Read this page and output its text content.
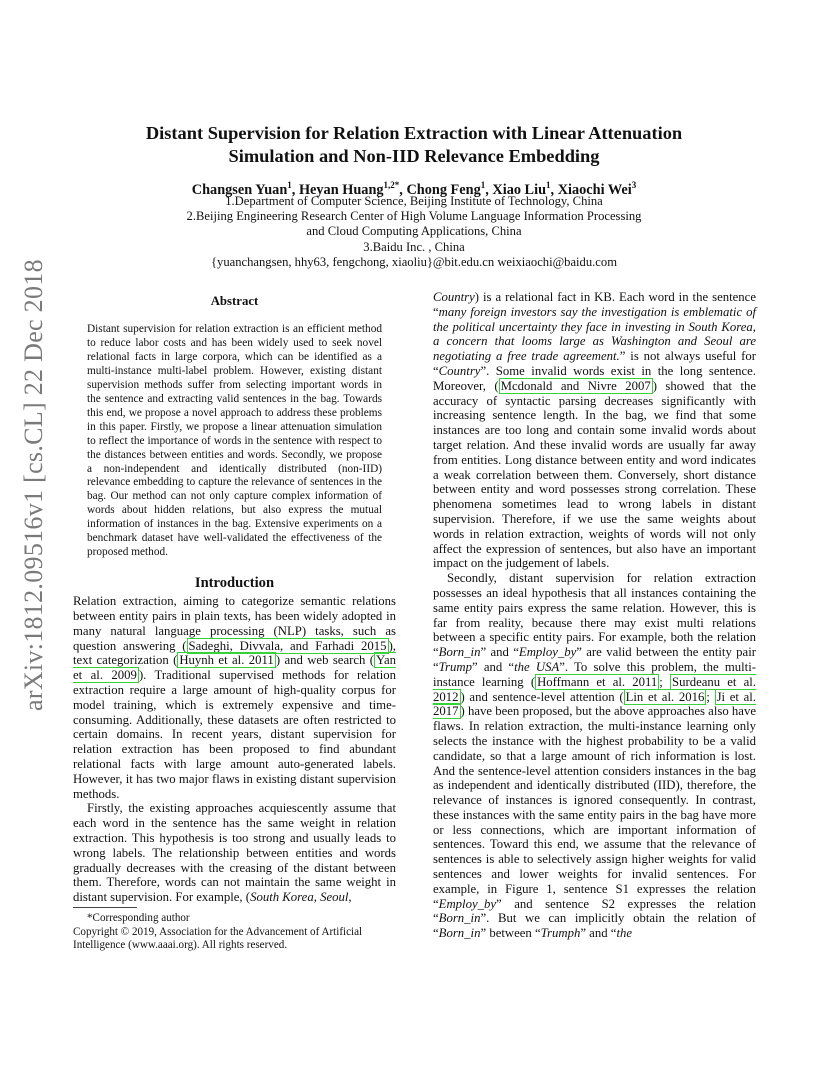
arXiv:1812.09516v1 [cs.CL] 22 Dec 2018
Distant Supervision for Relation Extraction with Linear Attenuation
Simulation and Non-IID Relevance Embedding
Changsen Yuan$^1$, Heyan Huang$^{1,2*}$, Chong Feng$^1$, Xiao Liu$^1$, Xiaochi Wei$^3$
1.Department of Computer Science, Beijing Institute of Technology, China
2.Beijing Engineering Research Center of High Volume Language Information Processing
and Cloud Computing Applications, China
3.Baidu Inc. , China
{yuanchangsen, hhy63, fengchong, xiaoliu}@bit.edu.cn weixiaochi@baidu.com
Abstract
Distant supervision for relation extraction is an efficient method to reduce labor costs and has been widely used to seek novel relational facts in large corpora, which can be identified as a multi-instance multi-label problem. However, existing distant supervision methods suffer from selecting important words in the sentence and extracting valid sentences in the bag. Towards this end, we propose a novel approach to address these problems in this paper. Firstly, we propose a linear attenuation simulation to reflect the importance of words in the sentence with respect to the distances between entities and words. Secondly, we propose a non-independent and identically distributed (non-IID) relevance embedding to capture the relevance of sentences in the bag. Our method can not only capture complex information of words about hidden relations, but also express the mutual information of instances in the bag. Extensive experiments on a benchmark dataset have well-validated the effectiveness of the proposed method.
Introduction

Relation extraction, aiming to categorize semantic relations between entity pairs in plain texts, has been widely adopted in many natural language processing (NLP) tasks, such as question answering ( Sadeghi, Divvala, and Farhadi 2015 ), text categorization ( Huynh et al. 2011 ) and web search ( Yan et al. 2009 ). Traditional supervised methods for relation extraction require a large amount of high-quality corpus for model training, which is extremely expensive and time-consuming. Additionally, these datasets are often restricted to certain domains. In recent years, distant supervision for relation extraction has been proposed to find abundant relational facts with large amount auto-generated labels. However, it has two major flaws in existing distant supervision methods.

Firstly, the existing approaches acquiescently assume that each word in the sentence has the same weight in relation extraction. This hypothesis is too strong and usually leads to wrong labels. The relationship between entities and words gradually decreases with the creasing of the distant between them. Therefore, words can not maintain the same weight in distant supervision. For example, (South Korea, Seoul,

Country) is a relational fact in KB. Each word in the sentence “many foreign investors say the investigation is emblematic of the political uncertainty they face in investing in South Korea, a concern that looms large as Washington and Seoul are negotiating a free trade agreement.” is not always useful for “Country”. Some invalid words exist in the long sentence. Moreover, ( Mcdonald and Nivre 2007 ) showed that the accuracy of syntactic parsing decreases significantly with increasing sentence length. In the bag, we find that some instances are too long and contain some invalid words about target relation. And these invalid words are usually far away from entities. Long distance between entity and word indicates a weak correlation between them. Conversely, short distance between entity and word possesses strong correlation. These phenomena sometimes lead to wrong labels in distant supervision. Therefore, if we use the same weights about words in relation extraction, weights of words will not only affect the expression of sentences, but also have an important impact on the judgement of labels.

Secondly, distant supervision for relation extraction possesses an ideal hypothesis that all instances containing the same entity pairs express the same relation. However, this is far from reality, because there may exist multi relations between a specific entity pairs. For example, both the relation “Born_in” and “Employ_by” are valid between the entity pair “Trump” and “the USA”. To solve this problem, the multi-instance learning ( Hoffmann et al. 2011 ; Surdeanu et al. 2012 ) and sentence-level attention ( Lin et al. 2016 ; Ji et al. 2017 ) have been proposed, but the above approaches also have flaws. In relation extraction, the multi-instance learning only selects the instance with the highest probability to be a valid candidate, so that a large amount of rich information is lost. And the sentence-level attention considers instances in the bag as independent and identically distributed (IID), therefore, the relevance of instances is ignored consequently. In contrast, these instances with the same entity pairs in the bag have more or less connections, which are important information of sentences. Toward this end, we assume that the relevance of sentences is able to selectively assign higher weights for valid sentences and lower weights for invalid sentences. For example, in Figure 1, sentence S1 expresses the relation “Employ_by” and sentence S2 expresses the relation “Born_in”. But we can implicitly obtain the relation of “Born_in” between “Trumph” and “the

*Corresponding author
Copyright © 2019, Association for the Advancement of Artificial Intelligence (www.aaai.org). All rights reserved.
